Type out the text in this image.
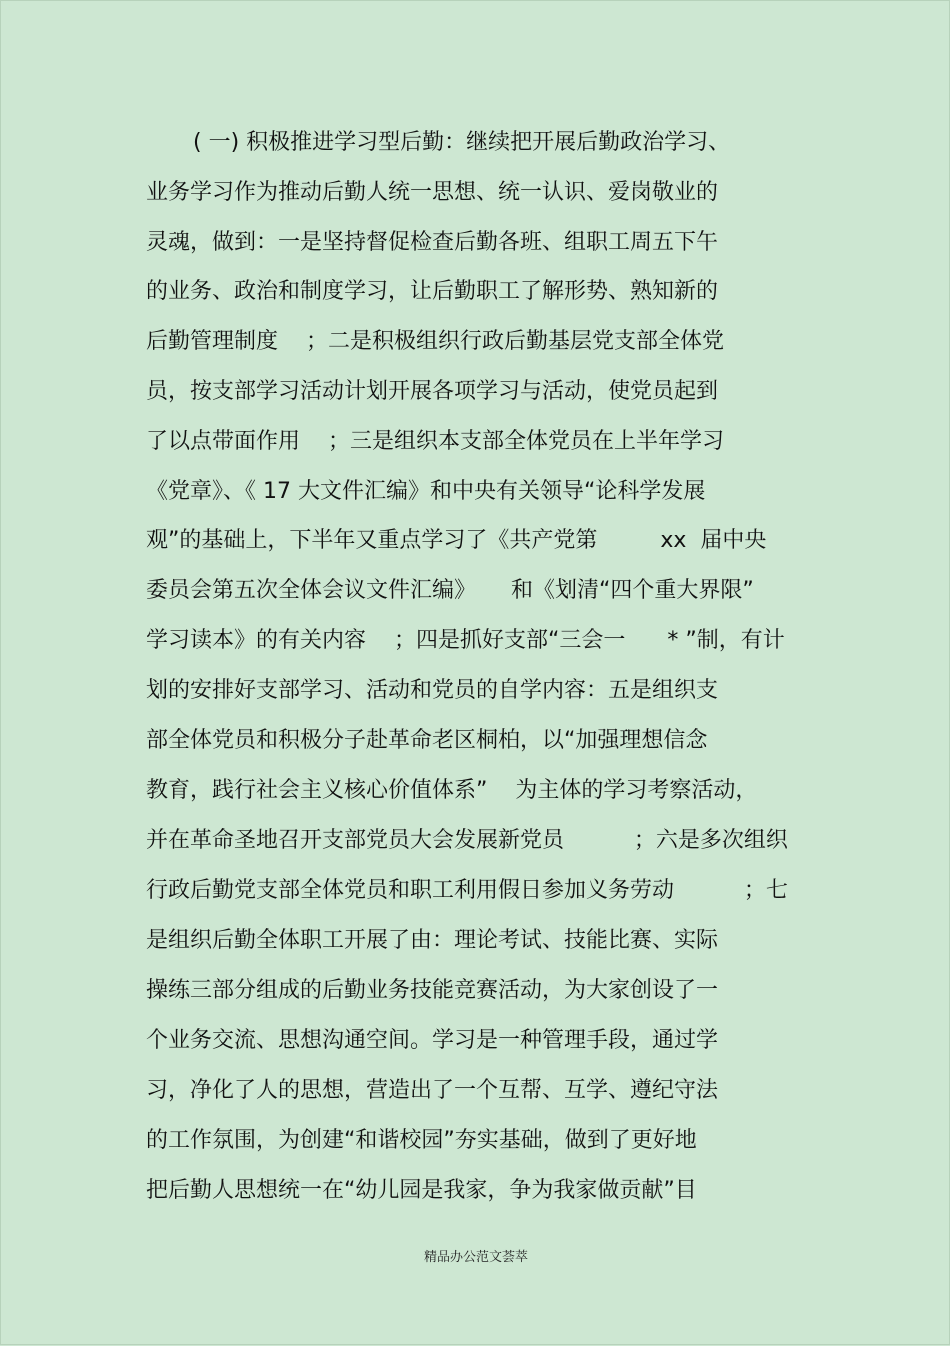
( 一) 积极推进学习型后勤：继续把开展后勤政治学习、
业务学习作为推动后勤人统一思想、统一认识、爱岗敬业的
灵魂，做到：一是坚持督促检查后勤各班、组职工周五下午
的业务、政治和制度学习，让后勤职工了解形势、熟知新的
后勤管理制度    ；二是积极组织行政后勤基层党支部全体党
员，按支部学习活动计划开展各项学习与活动，使党员起到
了以点带面作用    ；三是组织本支部全体党员在上半年学习
《党章》、《 17 大文件汇编》和中央有关领导“论科学发展
观”的基础上，下半年又重点学习了《共产党第         xx  届中央
委员会第五次全体会议文件汇编》     和《划清“四个重大界限”
学习读本》的有关内容    ；四是抓好支部“三会一      * ”制，有计
划的安排好支部学习、活动和党员的自学内容：五是组织支
部全体党员和积极分子赴革命老区桐柏，以“加强理想信念
教育，践行社会主义核心价值体系”    为主体的学习考察活动，
并在革命圣地召开支部党员大会发展新党员          ；六是多次组织
行政后勤党支部全体党员和职工利用假日参加义务劳动          ；七
是组织后勤全体职工开展了由：理论考试、技能比赛、实际
操练三部分组成的后勤业务技能竞赛活动，为大家创设了一
个业务交流、思想沟通空间。学习是一种管理手段，通过学
习，净化了人的思想，营造出了一个互帮、互学、遵纪守法
的工作氛围，为创建“和谐校园”夯实基础，做到了更好地
把后勤人思想统一在“幼儿园是我家，争为我家做贡献”目
精品办公范文荟萃
